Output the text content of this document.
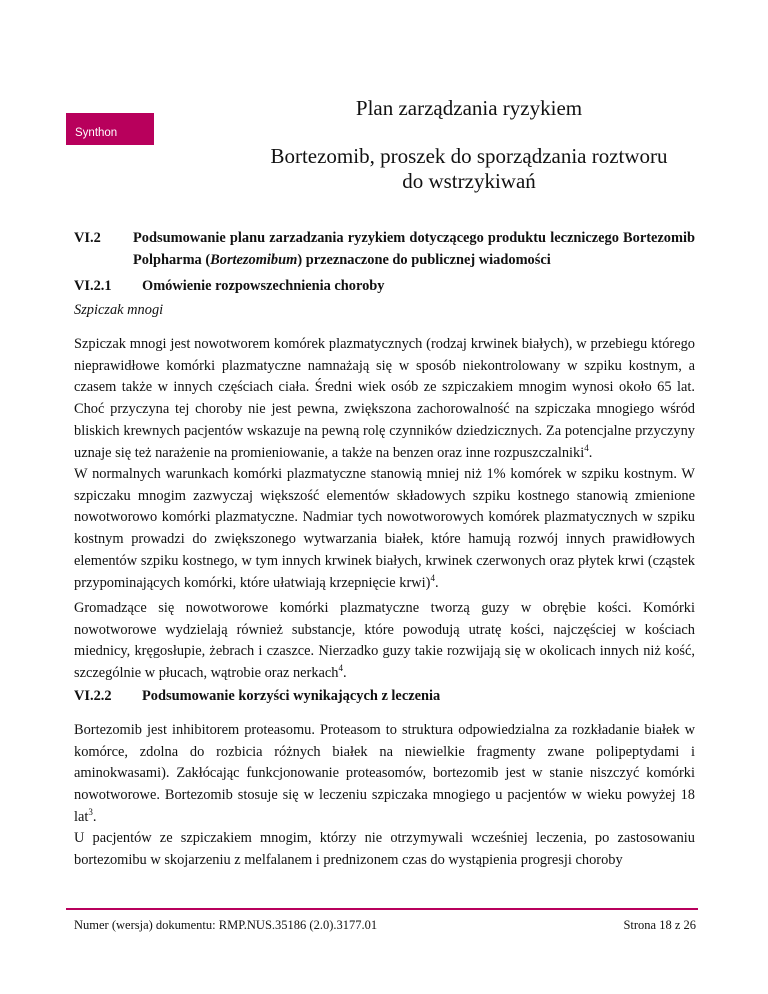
Synthon
Plan zarządzania ryzykiem
Bortezomib, proszek do sporządzania roztworu
do wstrzykiwań
VI.2	Podsumowanie planu zarzadzania ryzykiem dotyczącego produktu leczniczego Bortezomib Polpharma (Bortezomibum) przeznaczone do publicznej wiadomości
VI.2.1	Omówienie rozpowszechnienia choroby
Szpiczak mnogi

Szpiczak mnogi jest nowotworem komórek plazmatycznych (rodzaj krwinek białych), w przebiegu którego nieprawidłowe komórki plazmatyczne namnażają się w sposób niekontrolowany w szpiku kostnym, a czasem także w innych częściach ciała. Średni wiek osób ze szpiczakiem mnogim wynosi około 65 lat. Choć przyczyna tej choroby nie jest pewna, zwiększona zachorowalność na szpiczaka mnogiego wśród bliskich krewnych pacjentów wskazuje na pewną rolę czynników dziedzicznych. Za potencjalne przyczyny uznaje się też narażenie na promieniowanie, a także na benzen oraz inne rozpuszczalniki$^4$.

W normalnych warunkach komórki plazmatyczne stanowią mniej niż 1% komórek w szpiku kostnym. W szpiczaku mnogim zazwyczaj większość elementów składowych szpiku kostnego stanowią zmienione nowotworowo komórki plazmatyczne. Nadmiar tych nowotworowych komórek plazmatycznych w szpiku kostnym prowadzi do zwiększonego wytwarzania białek, które hamują rozwój innych prawidłowych elementów szpiku kostnego, w tym innych krwinek białych, krwinek czerwonych oraz płytek krwi (cząstek przypominających komórki, które ułatwiają krzepnięcie krwi)$^4$.

Gromadzące się nowotworowe komórki plazmatyczne tworzą guzy w obrębie kości. Komórki nowotworowe wydzielają również substancje, które powodują utratę kości, najczęściej w kościach miednicy, kręgosłupie, żebrach i czaszce. Nierzadko guzy takie rozwijają się w okolicach innych niż kość, szczególnie w płucach, wątrobie oraz nerkach$^4$.

VI.2.2	Podsumowanie korzyści wynikających z leczenia

Bortezomib jest inhibitorem proteasomu. Proteasom to struktura odpowiedzialna za rozkładanie białek w komórce, zdolna do rozbicia różnych białek na niewielkie fragmenty zwane polipeptydami i aminokwasami). Zakłócając funkcjonowanie proteasomów, bortezomib jest w stanie niszczyć komórki nowotworowe. Bortezomib stosuje się w leczeniu szpiczaka mnogiego u pacjentów w wieku powyżej 18 lat$^3$.

U pacjentów ze szpiczakiem mnogim, którzy nie otrzymywali wcześniej leczenia, po zastosowaniu bortezomibu w skojarzeniu z melfalanem i prednizonem czas do wystąpienia progresji choroby

Numer (wersja) dokumentu: RMP.NUS.35186 (2.0).3177.01	Strona 18 z 26
